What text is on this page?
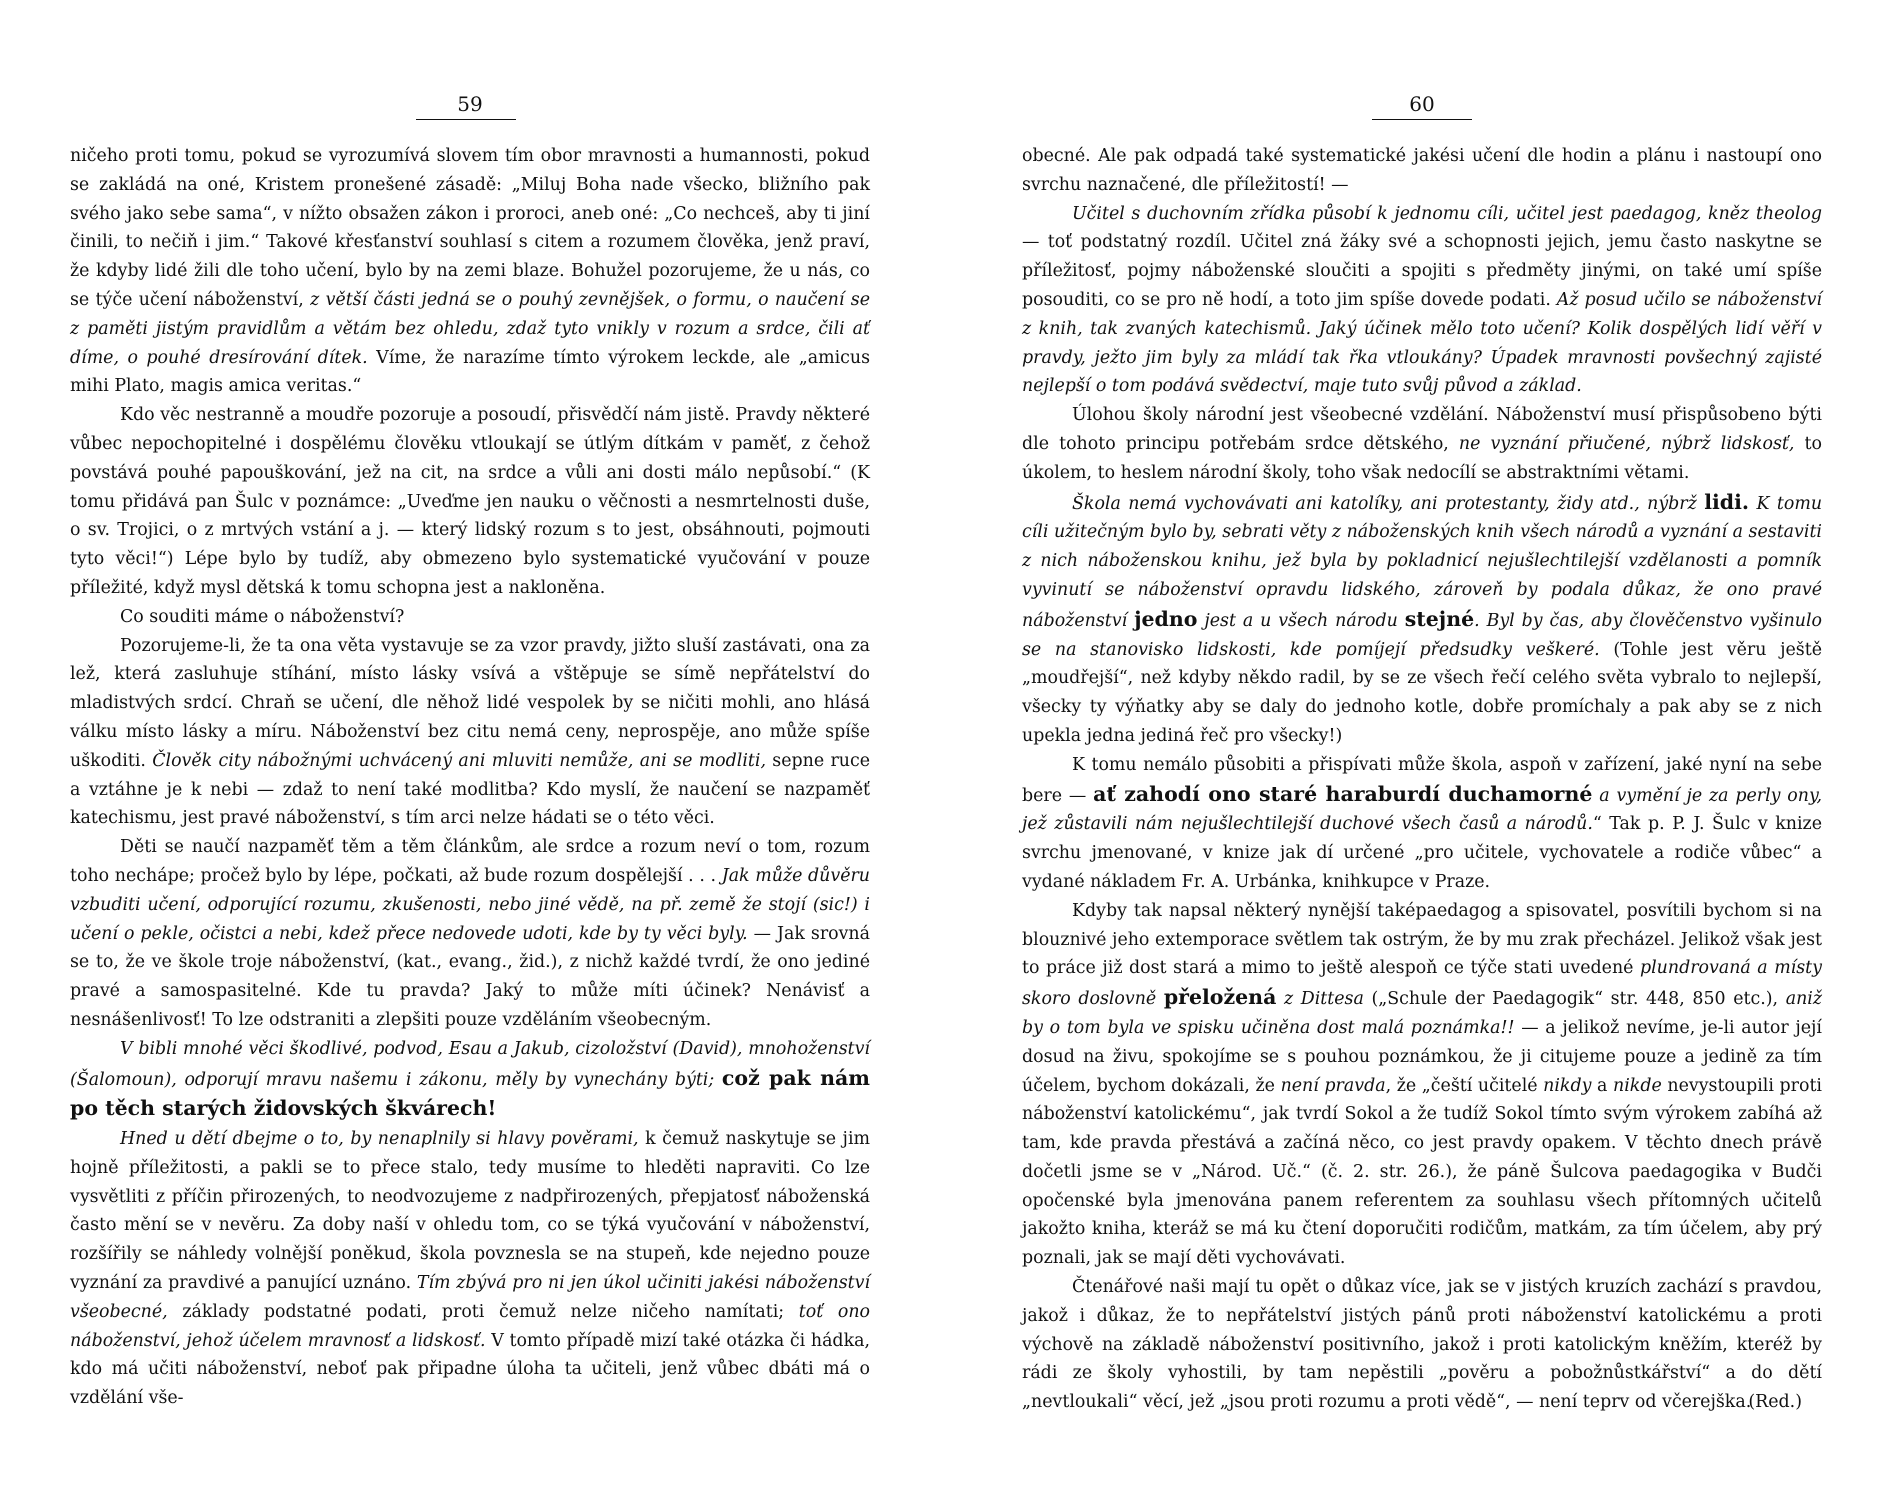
59

ničeho proti tomu, pokud se vyrozumívá slovem tím obor mravnosti a humannosti, pokud se zakládá na oné, Kristem pronešené zásadě: „Miluj Boha nade všecko, bližního pak svého jako sebe sama“, v nížto obsažen zákon i proroci, aneb oné: „Co nechceš, aby ti jiní činili, to nečiň i jim.“ Takové křesťanství souhlasí s citem a rozumem člověka, jenž praví, že kdyby lidé žili dle toho učení, bylo by na zemi blaze. Bohužel pozorujeme, že u nás, co se týče učení náboženství, z větší části jedná se o pouhý zevnějšek, o formu, o naučení se z paměti jistým pravidlům a větám bez ohledu, zdaž tyto vnikly v rozum a srdce, čili ať díme, o pouhé dresírování dítek. Víme, že narazíme tímto výrokem leckde, ale „amicus mihi Plato, magis amica veritas.“

Kdo věc nestranně a moudře pozoruje a posoudí, přisvědčí nám jistě. Pravdy některé vůbec nepochopitelné i dospělému člověku vtloukají se útlým dítkám v paměť, z čehož povstává pouhé papouškování, jež na cit, na srdce a vůli ani dosti málo nepůsobí.“ (K tomu přidává pan Šulc v poznámce: „Uveďme jen nauku o věčnosti a nesmrtelnosti duše, o sv. Trojici, o z mrtvých vstání a j. — který lidský rozum s to jest, obsáhnouti, pojmouti tyto věci!“) Lépe bylo by tudíž, aby obmezeno bylo systematické vyučování v pouze příležité, když mysl dětská k tomu schopna jest a nakloněna.

Co souditi máme o náboženství?

Pozorujeme-li, že ta ona věta vystavuje se za vzor pravdy, jižto sluší zastávati, ona za lež, která zasluhuje stíhání, místo lásky vsívá a vštěpuje se símě nepřátelství do mladistvých srdcí. Chraň se učení, dle něhož lidé vespolek by se ničiti mohli, ano hlásá válku místo lásky a míru. Náboženství bez citu nemá ceny, neprospěje, ano může spíše uškoditi. Člověk city nábožnými uchvácený ani mluviti nemůže, ani se modliti, sepne ruce a vztáhne je k nebi — zdaž to není také modlitba? Kdo myslí, že naučení se nazpaměť katechismu, jest pravé náboženství, s tím arci nelze hádati se o této věci.

Děti se naučí nazpaměť těm a těm článkům, ale srdce a rozum neví o tom, rozum toho nechápe; pročež bylo by lépe, počkati, až bude rozum dospělejší . . . Jak může důvěru vzbuditi učení, odporující rozumu, zkušenosti, nebo jiné vědě, na př. země že stojí (sic!) i učení o pekle, očistci a nebi, kdež přece nedovede udoti, kde by ty věci byly. — Jak srovná se to, že ve škole troje náboženství, (kat., evang., žid.), z nichž každé tvrdí, že ono jediné pravé a samospasitelné. Kde tu pravda? Jaký to může míti účinek? Nenávisť a nesnášenlivosť! To lze odstraniti a zlepšiti pouze vzděláním všeobecným.

V bibli mnohé věci škodlivé, podvod, Esau a Jakub, cizoložství (David), mnohoženství (Šalomoun), odporují mravu našemu i zákonu, měly by vynechány býti; což pak nám po těch starých židovských škvárech!

Hned u dětí dbejme o to, by nenaplnily si hlavy pověrami, k čemuž naskytuje se jim hojně příležitosti, a pakli se to přece stalo, tedy musíme to hleděti napraviti. Co lze vysvětliti z příčin přirozených, to neodvozujeme z nadpřirozených, přepjatosť náboženská často mění se v nevěru. Za doby naší v ohledu tom, co se týká vyučování v náboženství, rozšířily se náhledy volnější poněkud, škola povznesla se na stupeň, kde nejedno pouze vyznání za pravdivé a panující uznáno. Tím zbývá pro ni jen úkol učiniti jakési náboženství všeobecné, základy podstatné podati, proti čemuž nelze ničeho namítati; toť ono náboženství, jehož účelem mravnosť a lidskosť. V tomto případě mizí také otázka či hádka, kdo má učiti náboženství, neboť pak připadne úloha ta učiteli, jenž vůbec dbáti má o vzdělání vše-

60

obecné. Ale pak odpadá také systematické jakési učení dle hodin a plánu i nastoupí ono svrchu naznačené, dle příležitostí! —

Učitel s duchovním zřídka působí k jednomu cíli, učitel jest paedagog, kněz theolog — toť podstatný rozdíl. Učitel zná žáky své a schopnosti jejich, jemu často naskytne se příležitosť, pojmy náboženské sloučiti a spojiti s předměty jinými, on také umí spíše posouditi, co se pro ně hodí, a toto jim spíše dovede podati. Až posud učilo se náboženství z knih, tak zvaných katechismů. Jaký účinek mělo toto učení? Kolik dospělých lidí věří v pravdy, ježto jim byly za mládí tak řka vtloukány? Úpadek mravnosti povšechný zajisté nejlepší o tom podává svědectví, maje tuto svůj původ a základ.

Úlohou školy národní jest všeobecné vzdělání. Náboženství musí přispůsobeno býti dle tohoto principu potřebám srdce dětského, ne vyznání přiučené, nýbrž lidskosť, to úkolem, to heslem národní školy, toho však nedocílí se abstraktními větami.

Škola nemá vychovávati ani katolíky, ani protestanty, židy atd., nýbrž lidi. K tomu cíli užitečným bylo by, sebrati věty z náboženských knih všech národů a vyznání a sestaviti z nich náboženskou knihu, jež byla by pokladnicí nejušlechtilejší vzdělanosti a pomník vyvinutí se náboženství opravdu lidského, zároveň by podala důkaz, že ono pravé náboženství jedno jest a u všech národu stejné. Byl by čas, aby člověčenstvo vyšinulo se na stanovisko lidskosti, kde pomíjejí předsudky veškeré. (Tohle jest věru ještě „moudřejší“, než kdyby někdo radil, by se ze všech řečí celého světa vybralo to nejlepší, všecky ty výňatky aby se daly do jednoho kotle, dobře promíchaly a pak aby se z nich upekla jedna jediná řeč pro všecky!)

K tomu nemálo působiti a přispívati může škola, aspoň v zařízení, jaké nyní na sebe bere — ať zahodí ono staré haraburdí duchamorné a vymění je za perly ony, jež zůstavili nám nejušlechtilejší duchové všech časů a národů.“ Tak p. P. J. Šulc v knize svrchu jmenované, v knize jak dí určené „pro učitele, vychovatele a rodiče vůbec“ a vydané nákladem Fr. A. Urbánka, knihkupce v Praze.

Kdyby tak napsal některý nynější taképaedagog a spisovatel, posvítili bychom si na blouznivé jeho extemporace světlem tak ostrým, že by mu zrak přecházel. Jelikož však jest to práce již dost stará a mimo to ještě alespoň ce týče stati uvedené plundrovaná a místy skoro doslovně přeložená z Dittesa („Schule der Paedagogik“ str. 448, 850 etc.), aniž by o tom byla ve spisku učiněna dost malá poznámka!! — a jelikož nevíme, je-li autor její dosud na živu, spokojíme se s pouhou poznámkou, že ji citujeme pouze a jedině za tím účelem, bychom dokázali, že není pravda, že „čeští učitelé nikdy a nikde nevystoupili proti náboženství katolickému“, jak tvrdí Sokol a že tudíž Sokol tímto svým výrokem zabíhá až tam, kde pravda přestává a začíná něco, co jest pravdy opakem. V těchto dnech právě dočetli jsme se v „Národ. Uč.“ (č. 2. str. 26.), že páně Šulcova paedagogika v Budči opočenské byla jmenována panem referentem za souhlasu všech přítomných učitelů jakožto kniha, kteráž se má ku čtení doporučiti rodičům, matkám, za tím účelem, aby prý poznali, jak se mají děti vychovávati.

Čtenářové naši mají tu opět o důkaz více, jak se v jistých kruzích zachází s pravdou, jakož i důkaz, že to nepřátelství jistých pánů proti náboženství katolickému a proti výchově na základě náboženství positivního, jakož i proti katolickým kněžím, kteréž by rádi ze školy vyhostili, by tam nepěstili „pověru a pobožnůstkářství“ a do dětí „nevtloukali“ věcí, jež „jsou proti rozumu a proti vědě“, — není teprv od včerejška.

(Red.)
